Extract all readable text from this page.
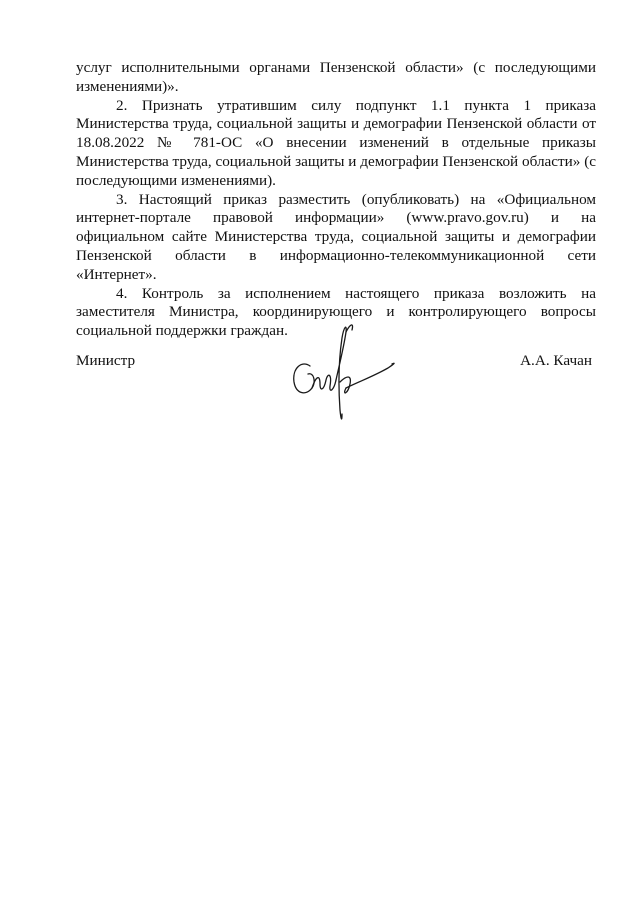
услуг исполнительными органами Пензенской области» (с последующими изменениями)».

2. Признать утратившим силу подпункт 1.1 пункта 1 приказа Министерства труда, социальной защиты и демографии Пензенской области от 18.08.2022 № 781-ОС «О внесении изменений в отдельные приказы Министерства труда, социальной защиты и демографии Пензенской области» (с последующими изменениями).

3. Настоящий приказ разместить (опубликовать) на «Официальном интернет-портале правовой информации» (www.pravo.gov.ru) и на официальном сайте Министерства труда, социальной защиты и демографии Пензенской области в информационно-телекоммуникационной сети «Интернет».

4. Контроль за исполнением настоящего приказа возложить на заместителя Министра, координирующего и контролирующего вопросы социальной поддержки граждан.

Министр	А.А. Качан
